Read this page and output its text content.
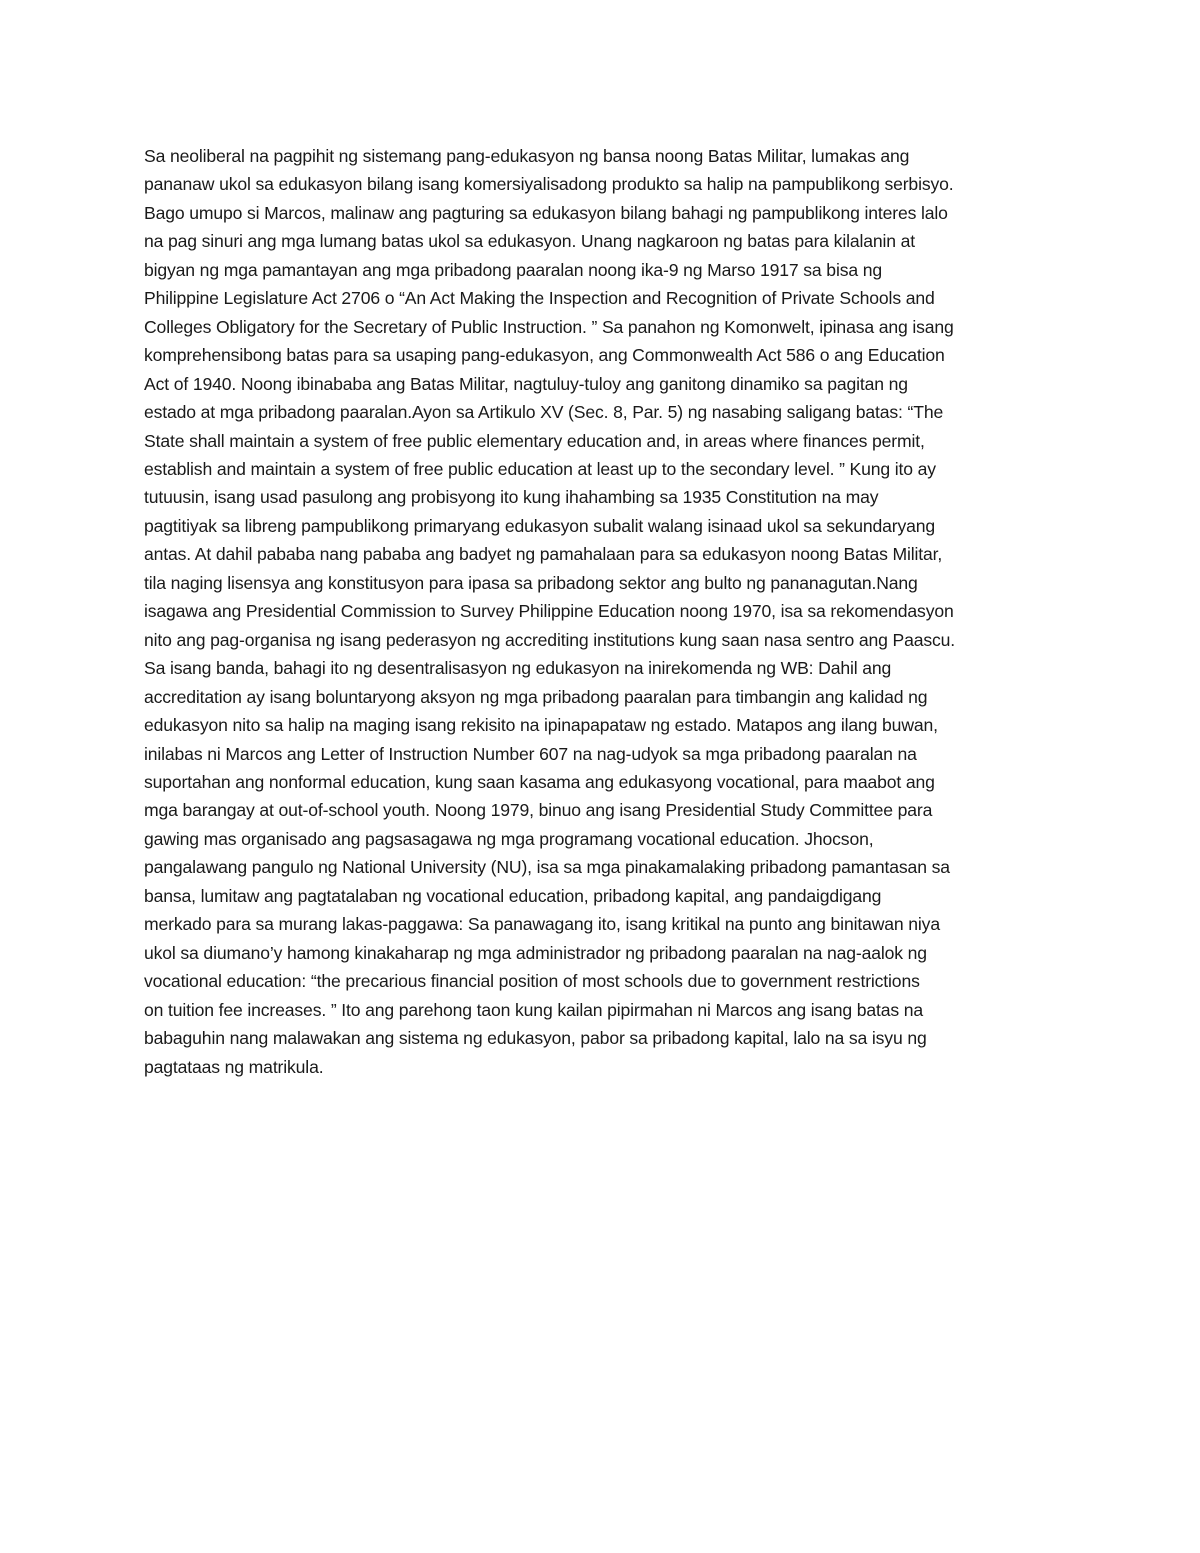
Sa neoliberal na pagpihit ng sistemang pang-edukasyon ng bansa noong Batas Militar, lumakas ang
pananaw ukol sa edukasyon bilang isang komersiyalisadong produkto sa halip na pampublikong serbisyo.
Bago umupo si Marcos, malinaw ang pagturing sa edukasyon bilang bahagi ng pampublikong interes lalo
na pag sinuri ang mga lumang batas ukol sa edukasyon. Unang nagkaroon ng batas para kilalanin at
bigyan ng mga pamantayan ang mga pribadong paaralan noong ika-9 ng Marso 1917 sa bisa ng
Philippine Legislature Act 2706 o “An Act Making the Inspection and Recognition of Private Schools and
Colleges Obligatory for the Secretary of Public Instruction. ” Sa panahon ng Komonwelt, ipinasa ang isang
komprehensibong batas para sa usaping pang-edukasyon, ang Commonwealth Act 586 o ang Education
Act of 1940. Noong ibinababa ang Batas Militar, nagtuluy-tuloy ang ganitong dinamiko sa pagitan ng
estado at mga pribadong paaralan.Ayon sa Artikulo XV (Sec. 8, Par. 5) ng nasabing saligang batas: “The
State shall maintain a system of free public elementary education and, in areas where finances permit,
establish and maintain a system of free public education at least up to the secondary level. ” Kung ito ay
tutuusin, isang usad pasulong ang probisyong ito kung ihahambing sa 1935 Constitution na may
pagtitiyak sa libreng pampublikong primaryang edukasyon subalit walang isinaad ukol sa sekundaryang
antas. At dahil pababa nang pababa ang badyet ng pamahalaan para sa edukasyon noong Batas Militar,
tila naging lisensya ang konstitusyon para ipasa sa pribadong sektor ang bulto ng pananagutan.Nang
isagawa ang Presidential Commission to Survey Philippine Education noong 1970, isa sa rekomendasyon
nito ang pag-organisa ng isang pederasyon ng accrediting institutions kung saan nasa sentro ang Paascu.
Sa isang banda, bahagi ito ng desentralisasyon ng edukasyon na inirekomenda ng WB: Dahil ang
accreditation ay isang boluntaryong aksyon ng mga pribadong paaralan para timbangin ang kalidad ng
edukasyon nito sa halip na maging isang rekisito na ipinapapataw ng estado. Matapos ang ilang buwan,
inilabas ni Marcos ang Letter of Instruction Number 607 na nag-udyok sa mga pribadong paaralan na
suportahan ang nonformal education, kung saan kasama ang edukasyong vocational, para maabot ang
mga barangay at out-of-school youth. Noong 1979, binuo ang isang Presidential Study Committee para
gawing mas organisado ang pagsasagawa ng mga programang vocational education. Jhocson,
pangalawang pangulo ng National University (NU), isa sa mga pinakamalaking pribadong pamantasan sa
bansa, lumitaw ang pagtatalaban ng vocational education, pribadong kapital, ang pandaigdigang
merkado para sa murang lakas-paggawa: Sa panawagang ito, isang kritikal na punto ang binitawan niya
ukol sa diumano’y hamong kinakaharap ng mga administrador ng pribadong paaralan na nag-aalok ng
vocational education: “the precarious financial position of most schools due to government restrictions
on tuition fee increases. ” Ito ang parehong taon kung kailan pipirmahan ni Marcos ang isang batas na
babaguhin nang malawakan ang sistema ng edukasyon, pabor sa pribadong kapital, lalo na sa isyu ng
pagtataas ng matrikula.
